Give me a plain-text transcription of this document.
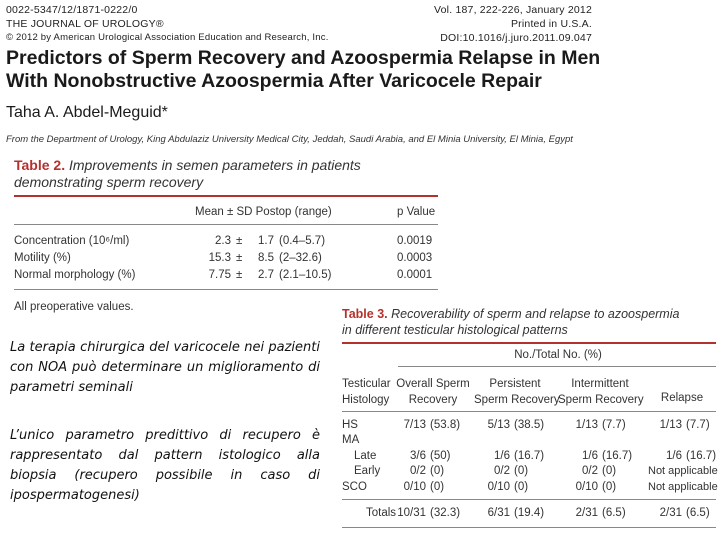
0022-5347/12/1871-0222/0
THE JOURNAL OF UROLOGY®
© 2012 by American Urological Association Education and Research, Inc.
Vol. 187, 222-226, January 2012
Printed in U.S.A.
DOI:10.1016/j.juro.2011.09.047
Predictors of Sperm Recovery and Azoospermia Relapse in Men
With Nonobstructive Azoospermia After Varicocele Repair
Taha A. Abdel-Meguid*
From the Department of Urology, King Abdulaziz University Medical City, Jeddah, Saudi Arabia, and El Minia University, El Minia, Egypt
Table 2. Improvements in semen parameters in patients
demonstrating sperm recovery
Mean ± SD Postop (range)	p Value
Concentration (10⁶/ml)	2.3 ±	1.7 (0.4–5.7)	0.0019
Motility (%)	15.3 ±	8.5 (2–32.6)	0.0003
Normal morphology (%)	7.75 ±	2.7 (2.1–10.5)	0.0001
All preoperative values.	Table 3. Recoverability of sperm and relapse to azoospermia
in different testicular histological patterns
No./Total No. (%)
Testicular
Histology
Overall Sperm
Recovery
Persistent
Sperm Recovery
Intermittent
Sperm Recovery	Relapse
HS	7/13 (53.8)	5/13 (38.5)	1/13 (7.7)	1/13 (7.7)
MA
Late	3/6 (50)	1/6 (16.7)	1/6 (16.7)	1/6 (16.7)
Early	0/2 (0)	0/2 (0)	0/2 (0)	Not applicable
SCO	0/10 (0)	0/10 (0)	0/10 (0)	Not applicable
Totals 10/31 (32.3)	6/31 (19.4)	2/31 (6.5)	2/31 (6.5)
La terapia chirurgica del varicocele nei pazienti con NOA può determinare un miglioramento di parametri seminali
L’unico parametro predittivo di recupero è rappresentato dal pattern istologico alla biopsia (recupero possibile in caso di ipospermatogenesi)
